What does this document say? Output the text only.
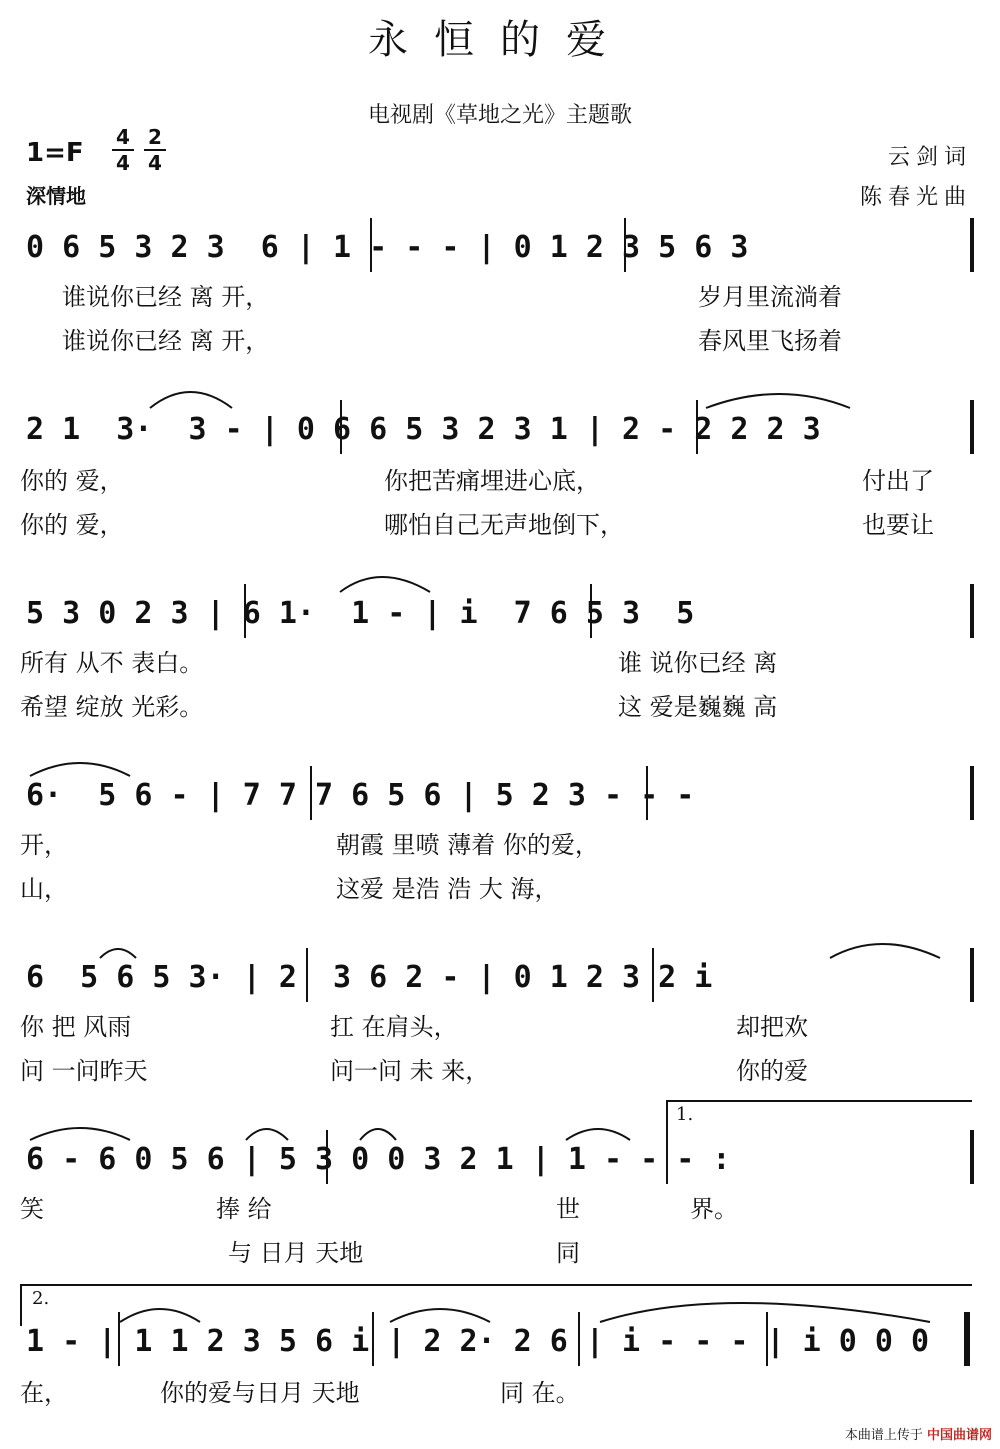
永恒的爱
电视剧《草地之光》主题歌
1=F
4
4
2
4
深情地
云剑词
陈春光曲
0 6 5 3 2 3  6 | 1 - - - | 0 1 2 3 5 6 3
谁说你已经 离 开，	岁月里流淌着
谁说你已经 离 开，	春风里飞扬着
2 1  3·  3 - | 0 6 6 5 3 2 3 1 | 2 - 2 2 2 3
你的 爱，	你把苦痛埋进心底，	付出了
你的 爱，	哪怕自己无声地倒下，	也要让
5 3 0 2 3 | 6 1·  1 - | i  7 6 5 3  5
所有 从不 表白。	谁 说你已经 离
希望 绽放 光彩。	这 爱是巍巍 高
6·  5 6 - | 7 7 7 6 5 6 | 5 2 3 - - -
开，	朝霞 里喷 薄着 你的爱，
山，	这爱 是浩 浩 大 海，
6  5 6 5 3· | 2  3 6 2 - | 0 1 2 3 2 i
你 把 风雨	扛 在肩头，	却把欢
问 一问昨天	问一问 未 来，	你的爱
6 - 6 0 5 6 | 5 3 0 0 3 2 1 | 1 - - - :
笑	捧 给	世	界。
与 日月 天地	同
1 - | 1 1 2 3 5 6 i | 2 2· 2 6 | i - - - | i 0 0 0
在，	你的爱与日月 天地	同 在。
1.
2.
本曲谱上传于 中国曲谱网
